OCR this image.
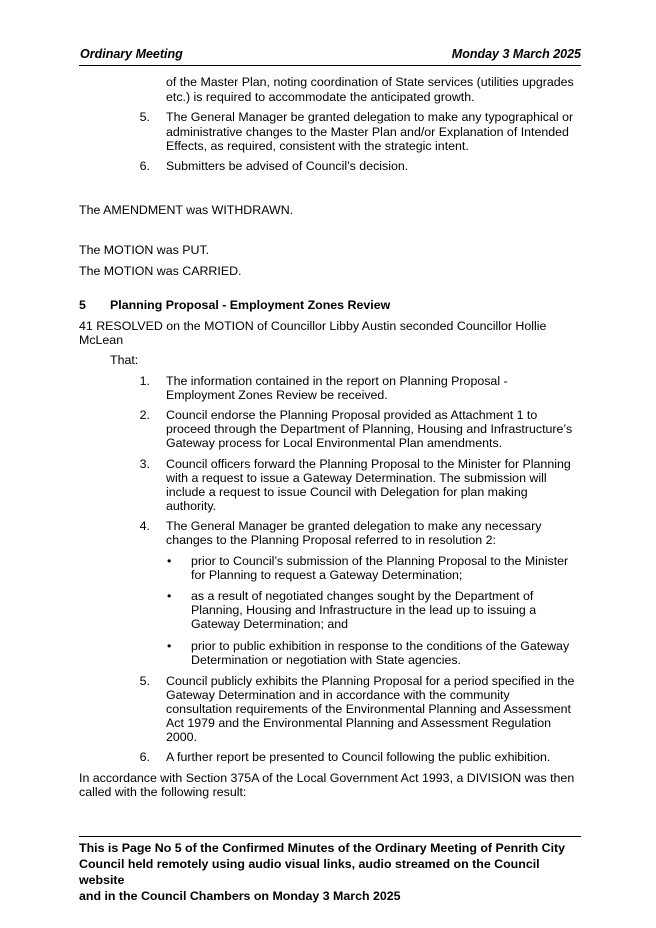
Ordinary Meeting	Monday 3 March 2025
of the Master Plan, noting coordination of State services (utilities upgrades
etc.) is required to accommodate the anticipated growth.
5. The General Manager be granted delegation to make any typographical or
administrative changes to the Master Plan and/or Explanation of Intended
Effects, as required, consistent with the strategic intent.
6. Submitters be advised of Council’s decision.
The AMENDMENT was WITHDRAWN.
The MOTION was PUT.
The MOTION was CARRIED.
5 Planning Proposal - Employment Zones Review
41 RESOLVED on the MOTION of Councillor Libby Austin seconded Councillor Hollie
McLean
That:
1. The information contained in the report on Planning Proposal -
Employment Zones Review be received.
2. Council endorse the Planning Proposal provided as Attachment 1 to
proceed through the Department of Planning, Housing and Infrastructure’s
Gateway process for Local Environmental Plan amendments.
3. Council officers forward the Planning Proposal to the Minister for Planning
with a request to issue a Gateway Determination. The submission will
include a request to issue Council with Delegation for plan making
authority.
4. The General Manager be granted delegation to make any necessary
changes to the Planning Proposal referred to in resolution 2:
• prior to Council’s submission of the Planning Proposal to the Minister
for Planning to request a Gateway Determination;
• as a result of negotiated changes sought by the Department of
Planning, Housing and Infrastructure in the lead up to issuing a
Gateway Determination; and
• prior to public exhibition in response to the conditions of the Gateway
Determination or negotiation with State agencies.
5. Council publicly exhibits the Planning Proposal for a period specified in the
Gateway Determination and in accordance with the community
consultation requirements of the Environmental Planning and Assessment
Act 1979 and the Environmental Planning and Assessment Regulation
2000.
6. A further report be presented to Council following the public exhibition.
In accordance with Section 375A of the Local Government Act 1993, a DIVISION was then
called with the following result:
This is Page No 5 of the Confirmed Minutes of the Ordinary Meeting of Penrith City
Council held remotely using audio visual links, audio streamed on the Council website
and in the Council Chambers on Monday 3 March 2025
